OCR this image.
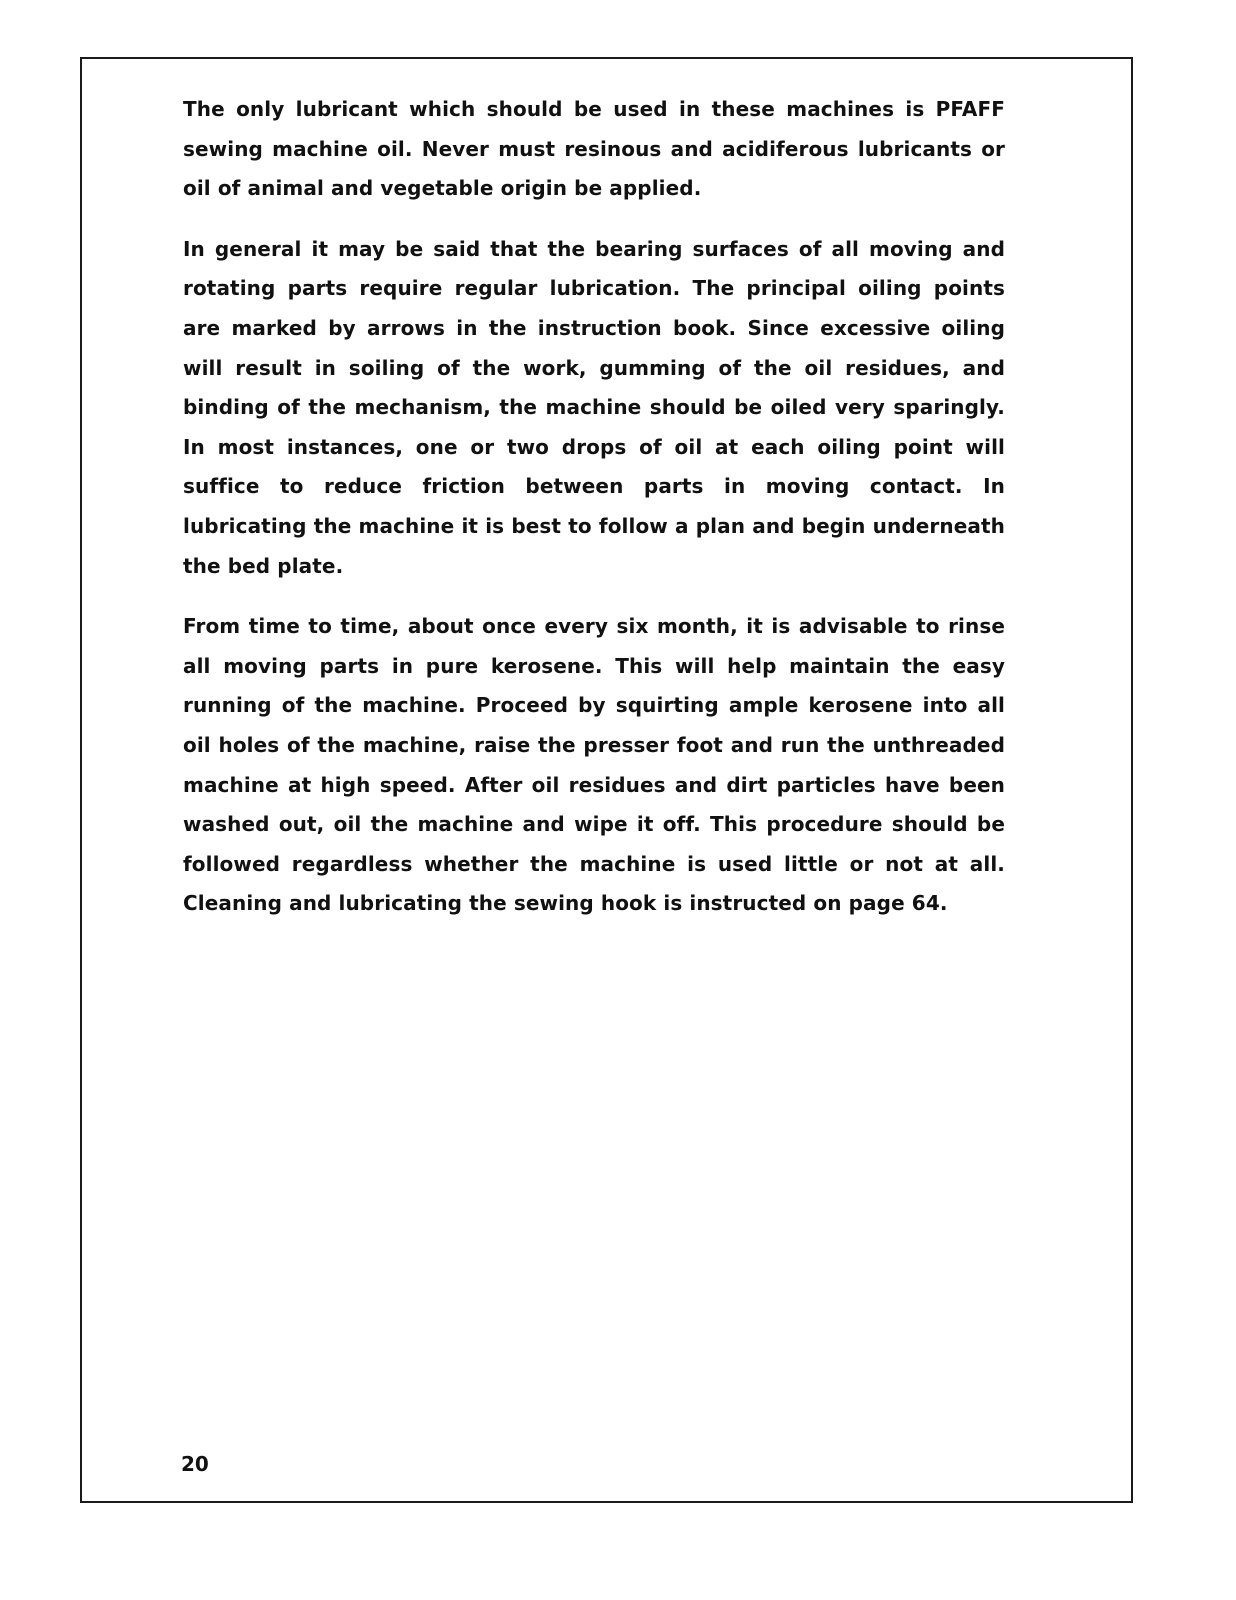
The only lubricant which should be used in these machines is PFAFF sewing machine oil. Never must resinous and acidiferous lubricants or oil of animal and vegetable origin be applied.

In general it may be said that the bearing surfaces of all moving and rotating parts require regular lubrication. The principal oiling points are marked by arrows in the instruction book. Since excessive oiling will result in soiling of the work, gumming of the oil residues, and binding of the mechanism, the machine should be oiled very sparingly. In most instances, one or two drops of oil at each oiling point will suffice to reduce friction between parts in moving contact. In lubricating the machine it is best to follow a plan and begin underneath the bed plate.

From time to time, about once every six month, it is advisable to rinse all moving parts in pure kerosene. This will help maintain the easy running of the machine. Proceed by squirting ample kerosene into all oil holes of the machine, raise the presser foot and run the unthreaded machine at high speed. After oil residues and dirt particles have been washed out, oil the machine and wipe it off. This procedure should be followed regardless whether the machine is used little or not at all. Cleaning and lubricating the sewing hook is instructed on page 64.

20
